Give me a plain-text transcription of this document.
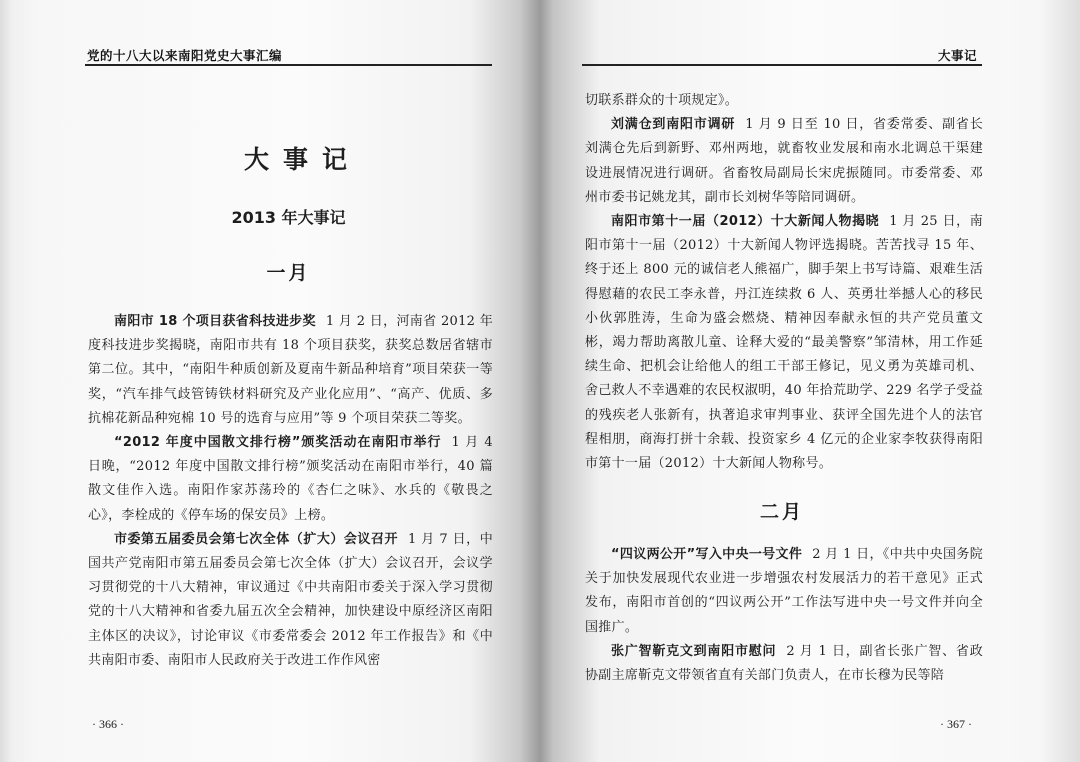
党的十八大以来南阳党史大事汇编
大事记
2013 年大事记
一月

南阳市 18 个项目获省科技进步奖 1 月 2 日，河南省 2012 年度科技进步奖揭晓，南阳市共有 18 个项目获奖，获奖总数居省辖市第二位。其中，“南阳牛种质创新及夏南牛新品种培育”项目荣获一等奖，“汽车排气歧管铸铁材料研究及产业化应用”、“高产、优质、多抗棉花新品种宛棉 10 号的选育与应用”等 9 个项目荣获二等奖。

“2012 年度中国散文排行榜”颁奖活动在南阳市举行 1 月 4 日晚，“2012 年度中国散文排行榜”颁奖活动在南阳市举行，40 篇散文佳作入选。南阳作家苏荡玲的《杏仁之味》、水兵的《敬畏之心》，李栓成的《停车场的保安员》上榜。

市委第五届委员会第七次全体（扩大）会议召开 1 月 7 日，中国共产党南阳市第五届委员会第七次全体（扩大）会议召开，会议学习贯彻党的十八大精神，审议通过《中共南阳市委关于深入学习贯彻党的十八大精神和省委九届五次全会精神，加快建设中原经济区南阳主体区的决议》，讨论审议《市委常委会 2012 年工作报告》和《中共南阳市委、南阳市人民政府关于改进工作作风密

· 366 ·
大事记

切联系群众的十项规定》。

刘满仓到南阳市调研 1 月 9 日至 10 日，省委常委、副省长刘满仓先后到新野、邓州两地，就畜牧业发展和南水北调总干渠建设进展情况进行调研。省畜牧局副局长宋虎振随同。市委常委、邓州市委书记姚龙其，副市长刘树华等陪同调研。

南阳市第十一届（2012）十大新闻人物揭晓 1 月 25 日，南阳市第十一届（2012）十大新闻人物评选揭晓。苦苦找寻 15 年、终于还上 800 元的诚信老人熊福广，脚手架上书写诗篇、艰难生活得慰藉的农民工李永普，丹江连续救 6 人、英勇壮举撼人心的移民小伙郭胜涛，生命为盛会燃烧、精神因奉献永恒的共产党员董文彬，竭力帮助离散儿童、诠释大爱的“最美警察”邹清林，用工作延续生命、把机会让给他人的组工干部王修记，见义勇为英雄司机、舍己救人不幸遇难的农民权淑明，40 年拾荒助学、229 名学子受益的残疾老人张新有，执著追求审判事业、获评全国先进个人的法官程相朋，商海打拼十余载、投资家乡 4 亿元的企业家李牧获得南阳市第十一届（2012）十大新闻人物称号。

二月

“四议两公开”写入中央一号文件 2 月 1 日，《中共中央国务院关于加快发展现代农业进一步增强农村发展活力的若干意见》正式发布，南阳市首创的“四议两公开”工作法写进中央一号文件并向全国推广。

张广智靳克文到南阳市慰问 2 月 1 日，副省长张广智、省政协副主席靳克文带领省直有关部门负责人，在市长穆为民等陪

· 367 ·
